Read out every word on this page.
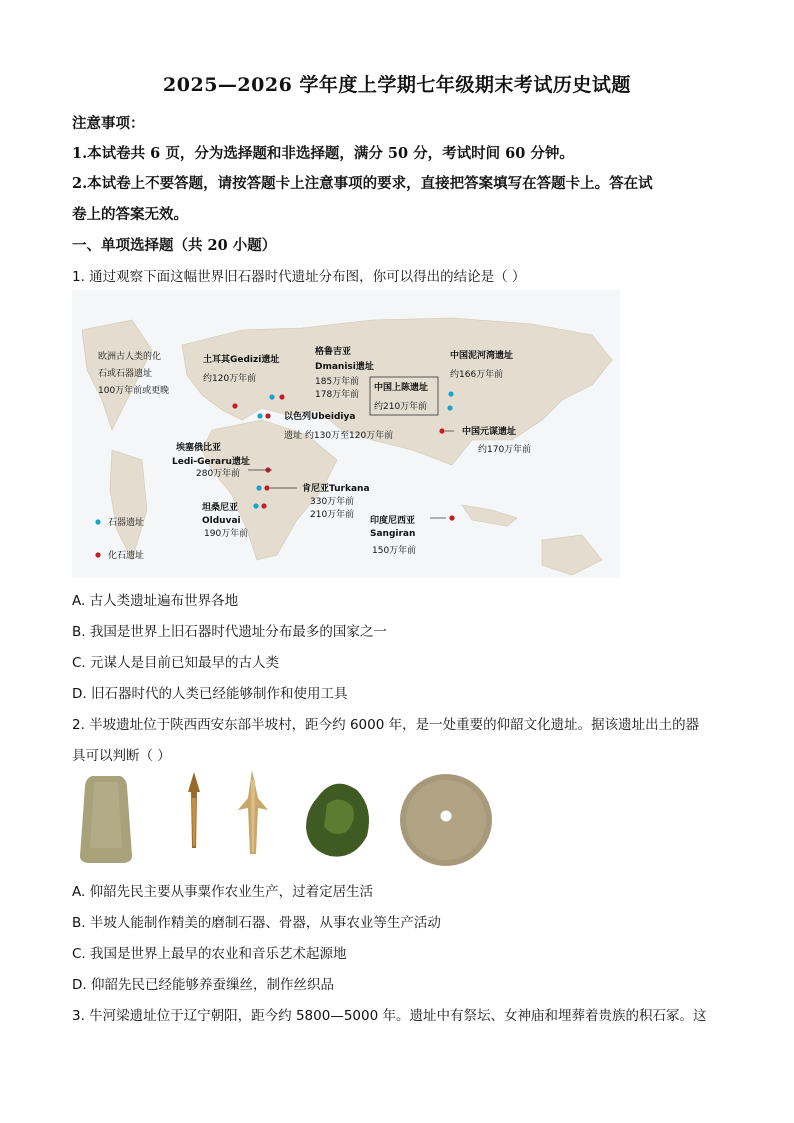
2025—2026 学年度上学期七年级期末考试历史试题
注意事项：
1.本试卷共 6 页，分为选择题和非选择题，满分 50 分，考试时间 60 分钟。
2.本试卷上不要答题，请按答题卡上注意事项的要求，直接把答案填写在答题卡上。答在试
卷上的答案无效。
一、单项选择题（共 20 小题）
1. 通过观察下面这幅世界旧石器时代遗址分布图，你可以得出的结论是（ ）
欧洲古人类的化
石或石器遗址
100万年前或更晚
土耳其Gedizi遗址
约120万年前
格鲁吉亚
Dmanisi遗址
185万年前
178万年前
以色列Ubeidiya
遗址 约130万至120万年前
中国泥河湾遗址
约166万年前
中国上陈遗址
约210万年前
中国元谋遗址
约170万年前
埃塞俄比亚
Ledi-Geraru遗址
280万年前
肯尼亚Turkana
330万年前
210万年前
坦桑尼亚
Olduvai
190万年前
印度尼西亚
Sangiran
150万年前
石器遗址
化石遗址
A. 古人类遗址遍布世界各地
B. 我国是世界上旧石器时代遗址分布最多的国家之一
C. 元谋人是目前已知最早的古人类
D. 旧石器时代的人类已经能够制作和使用工具
2. 半坡遗址位于陕西西安东部半坡村，距今约 6000 年，是一处重要的仰韶文化遗址。据该遗址出土的器
具可以判断（ ）
A. 仰韶先民主要从事粟作农业生产，过着定居生活
B. 半坡人能制作精美的磨制石器、骨器，从事农业等生产活动
C. 我国是世界上最早的农业和音乐艺术起源地
D. 仰韶先民已经能够养蚕缫丝，制作丝织品
3. 牛河梁遗址位于辽宁朝阳，距今约 5800—5000 年。遗址中有祭坛、女神庙和埋葬着贵族的积石冢。这
